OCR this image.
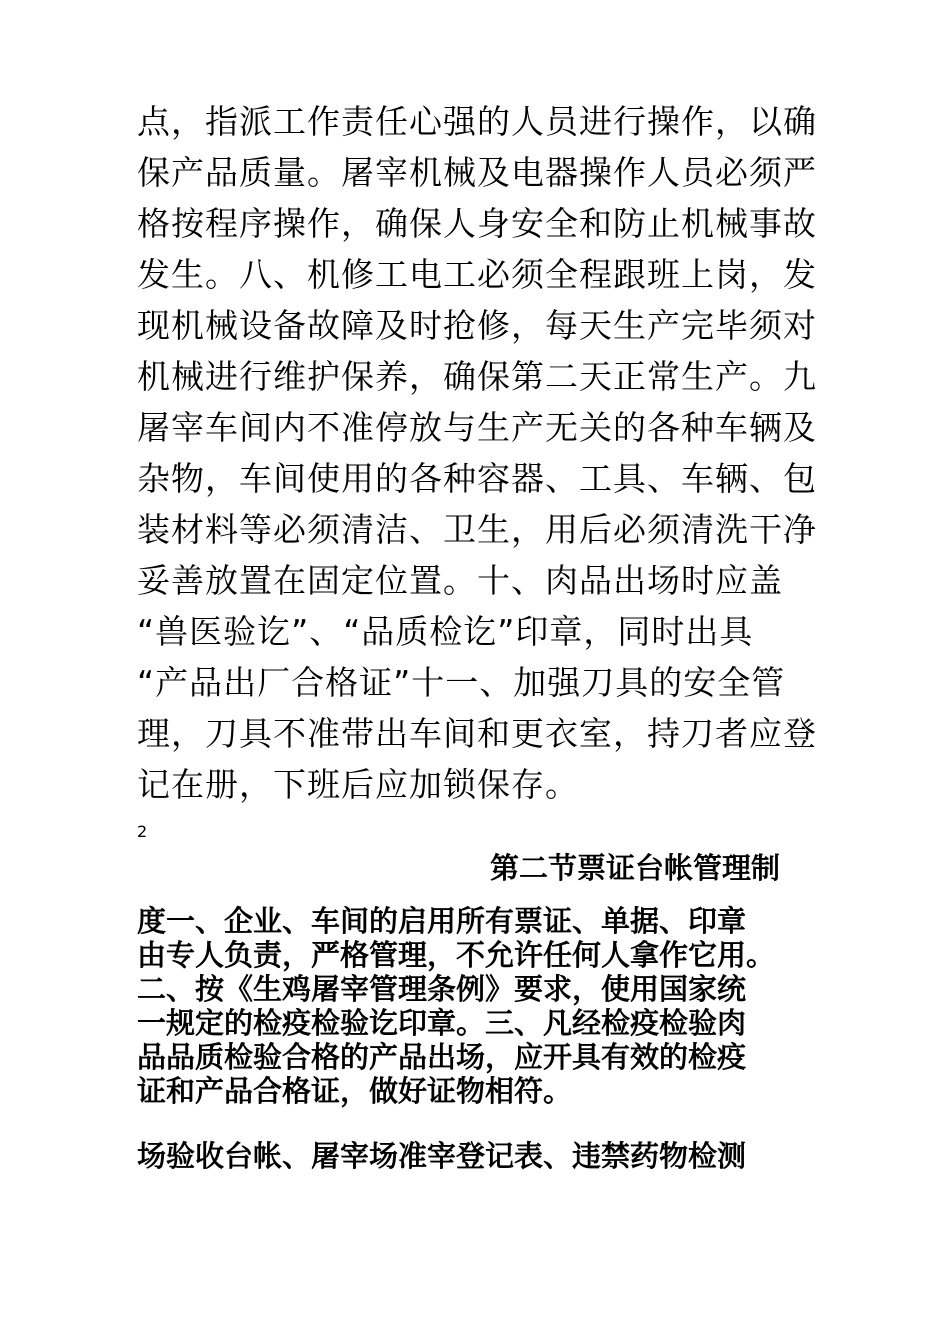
点，指派工作责任心强的人员进行操作，以确
保产品质量。屠宰机械及电器操作人员必须严
格按程序操作，确保人身安全和防止机械事故
发生。八、机修工电工必须全程跟班上岗，发
现机械设备故障及时抢修，每天生产完毕须对
机械进行维护保养，确保第二天正常生产。九
屠宰车间内不准停放与生产无关的各种车辆及
杂物，车间使用的各种容器、工具、车辆、包
装材料等必须清洁、卫生，用后必须清洗干净
妥善放置在固定位置。十、肉品出场时应盖
“兽医验讫”、“品质检讫”印章，同时出具
“产品出厂合格证”十一、加强刀具的安全管
理，刀具不准带出车间和更衣室，持刀者应登
记在册，下班后应加锁保存。

2
第二节票证台帐管理制

度一、企业、车间的启用所有票证、单据、印章
由专人负责，严格管理，不允许任何人拿作它用。
二、按《生鸡屠宰管理条例》要求，使用国家统
一规定的检疫检验讫印章。三、凡经检疫检验肉
品品质检验合格的产品出场，应开具有效的检疫
证和产品合格证，做好证物相符。

场验收台帐、屠宰场准宰登记表、违禁药物检测
